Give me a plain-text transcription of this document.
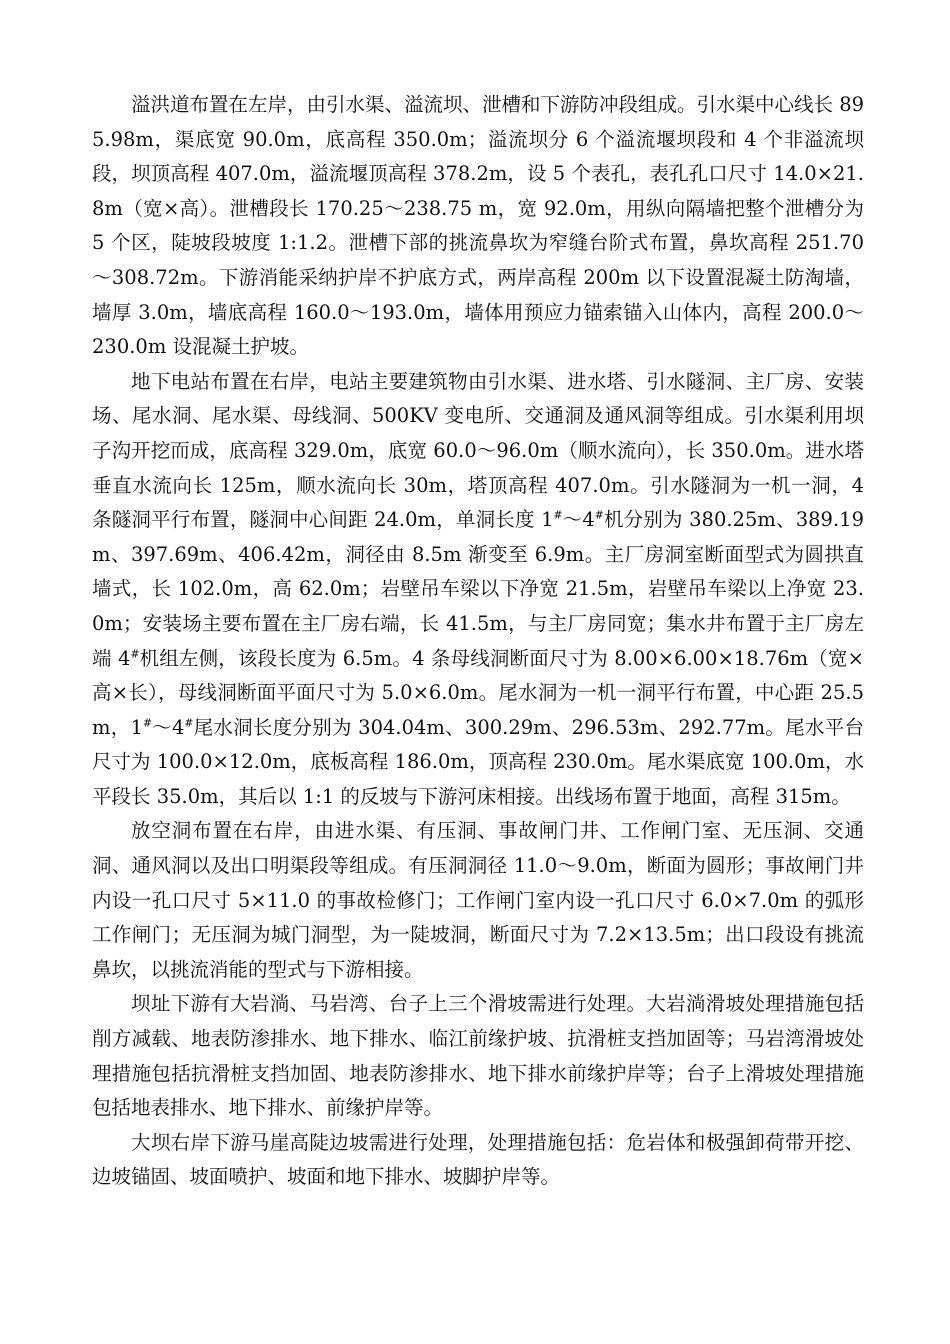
溢洪道布置在左岸，由引水渠、溢流坝、泄槽和下游防冲段组成。引水渠中心线长 895.98m，渠底宽 90.0m，底高程 350.0m；溢流坝分 6 个溢流堰坝段和 4 个非溢流坝段，坝顶高程 407.0m，溢流堰顶高程 378.2m，设 5 个表孔，表孔孔口尺寸 14.0×21.8m（宽×高）。泄槽段长 170.25～238.75 m，宽 92.0m，用纵向隔墙把整个泄槽分为 5 个区，陡坡段坡度 1:1.2。泄槽下部的挑流鼻坎为窄缝台阶式布置，鼻坎高程 251.70～308.72m。下游消能采纳护岸不护底方式，两岸高程 200m 以下设置混凝土防淘墙，墙厚 3.0m，墙底高程 160.0～193.0m，墙体用预应力锚索锚入山体内，高程 200.0～230.0m 设混凝土护坡。

地下电站布置在右岸，电站主要建筑物由引水渠、进水塔、引水隧洞、主厂房、安装场、尾水洞、尾水渠、母线洞、500KV 变电所、交通洞及通风洞等组成。引水渠利用坝子沟开挖而成，底高程 329.0m，底宽 60.0～96.0m（顺水流向），长 350.0m。进水塔垂直水流向长 125m，顺水流向长 30m，塔顶高程 407.0m。引水隧洞为一机一洞，4 条隧洞平行布置，隧洞中心间距 24.0m，单洞长度 1#～4#机分别为 380.25m、389.19m、397.69m、406.42m，洞径由 8.5m 渐变至 6.9m。主厂房洞室断面型式为圆拱直墙式，长 102.0m，高 62.0m；岩壁吊车梁以下净宽 21.5m，岩壁吊车梁以上净宽 23.0m；安装场主要布置在主厂房右端，长 41.5m，与主厂房同宽；集水井布置于主厂房左端 4#机组左侧，该段长度为 6.5m。4 条母线洞断面尺寸为 8.00×6.00×18.76m（宽×高×长），母线洞断面平面尺寸为 5.0×6.0m。尾水洞为一机一洞平行布置，中心距 25.5m，1#～4#尾水洞长度分别为 304.04m、300.29m、296.53m、292.77m。尾水平台尺寸为 100.0×12.0m，底板高程 186.0m，顶高程 230.0m。尾水渠底宽 100.0m，水平段长 35.0m，其后以 1:1 的反坡与下游河床相接。出线场布置于地面，高程 315m。

放空洞布置在右岸，由进水渠、有压洞、事故闸门井、工作闸门室、无压洞、交通洞、通风洞以及出口明渠段等组成。有压洞洞径 11.0～9.0m，断面为圆形；事故闸门井内设一孔口尺寸 5×11.0 的事故检修门；工作闸门室内设一孔口尺寸 6.0×7.0m 的弧形工作闸门；无压洞为城门洞型，为一陡坡洞，断面尺寸为 7.2×13.5m；出口段设有挑流鼻坎，以挑流消能的型式与下游相接。

坝址下游有大岩淌、马岩湾、台子上三个滑坡需进行处理。大岩淌滑坡处理措施包括削方减载、地表防渗排水、地下排水、临江前缘护坡、抗滑桩支挡加固等；马岩湾滑坡处理措施包括抗滑桩支挡加固、地表防渗排水、地下排水前缘护岸等；台子上滑坡处理措施包括地表排水、地下排水、前缘护岸等。

大坝右岸下游马崖高陡边坡需进行处理，处理措施包括：危岩体和极强卸荷带开挖、边坡锚固、坡面喷护、坡面和地下排水、坡脚护岸等。
